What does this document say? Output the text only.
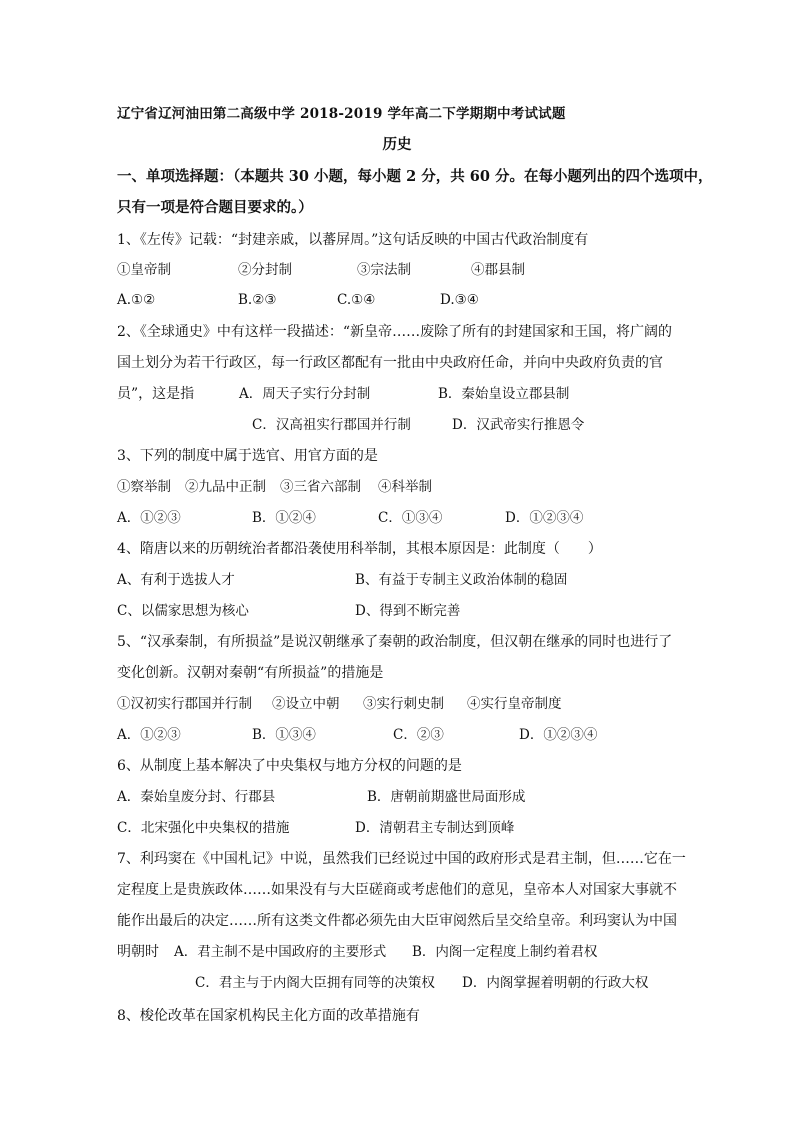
辽宁省辽河油田第二高级中学 2018-2019 学年高二下学期期中考试试题
历史
一、单项选择题：（本题共 30 小题，每小题 2 分，共 60 分。在每小题列出的四个选项中，
只有一项是符合题目要求的。）
1、《左传》记载：“封建亲戚，以蕃屏周。”这句话反映的中国古代政治制度有
①皇帝制	②分封制	③宗法制	④郡县制
A.①②	B.②③	C.①④	D.③④
2、《全球通史》中有这样一段描述：“新皇帝……废除了所有的封建国家和王国，将广阔的
国土划分为若干行政区，每一行政区都配有一批由中央政府任命，并向中央政府负责的官
员”，这是指	A．周天子实行分封制	B．秦始皇设立郡县制
C．汉高祖实行郡国并行制	D．汉武帝实行推恩令
3、下列的制度中属于选官、用官方面的是
①察举制 ②九品中正制 ③三省六部制 ④科举制
A．①②③	B．①②④	C．①③④	D．①②③④
4、隋唐以来的历朝统治者都沿袭使用科举制，其根本原因是：此制度（　　）
A、有利于选拔人才	B、有益于专制主义政治体制的稳固
C、以儒家思想为核心	D、得到不断完善
5、“汉承秦制，有所损益”是说汉朝继承了秦朝的政治制度，但汉朝在继承的同时也进行了
变化创新。汉朝对秦朝“有所损益”的措施是
①汉初实行郡国并行制 ②设立中朝 ③实行刺史制 ④实行皇帝制度
A．①②③	B．①③④	C．②③	D．①②③④
6、从制度上基本解决了中央集权与地方分权的问题的是
A．秦始皇废分封、行郡县	B．唐朝前期盛世局面形成
C．北宋强化中央集权的措施	D．清朝君主专制达到顶峰
7、利玛窦在《中国札记》中说，虽然我们已经说过中国的政府形式是君主制，但……它在一
定程度上是贵族政体……如果没有与大臣磋商或考虑他们的意见，皇帝本人对国家大事就不
能作出最后的决定……所有这类文件都必须先由大臣审阅然后呈交给皇帝。利玛窦认为中国
明朝时 A．君主制不是中国政府的主要形式 B．内阁一定程度上制约着君权
C．君主与于内阁大臣拥有同等的决策权 D．内阁掌握着明朝的行政大权
8、梭伦改革在国家机构民主化方面的改革措施有
